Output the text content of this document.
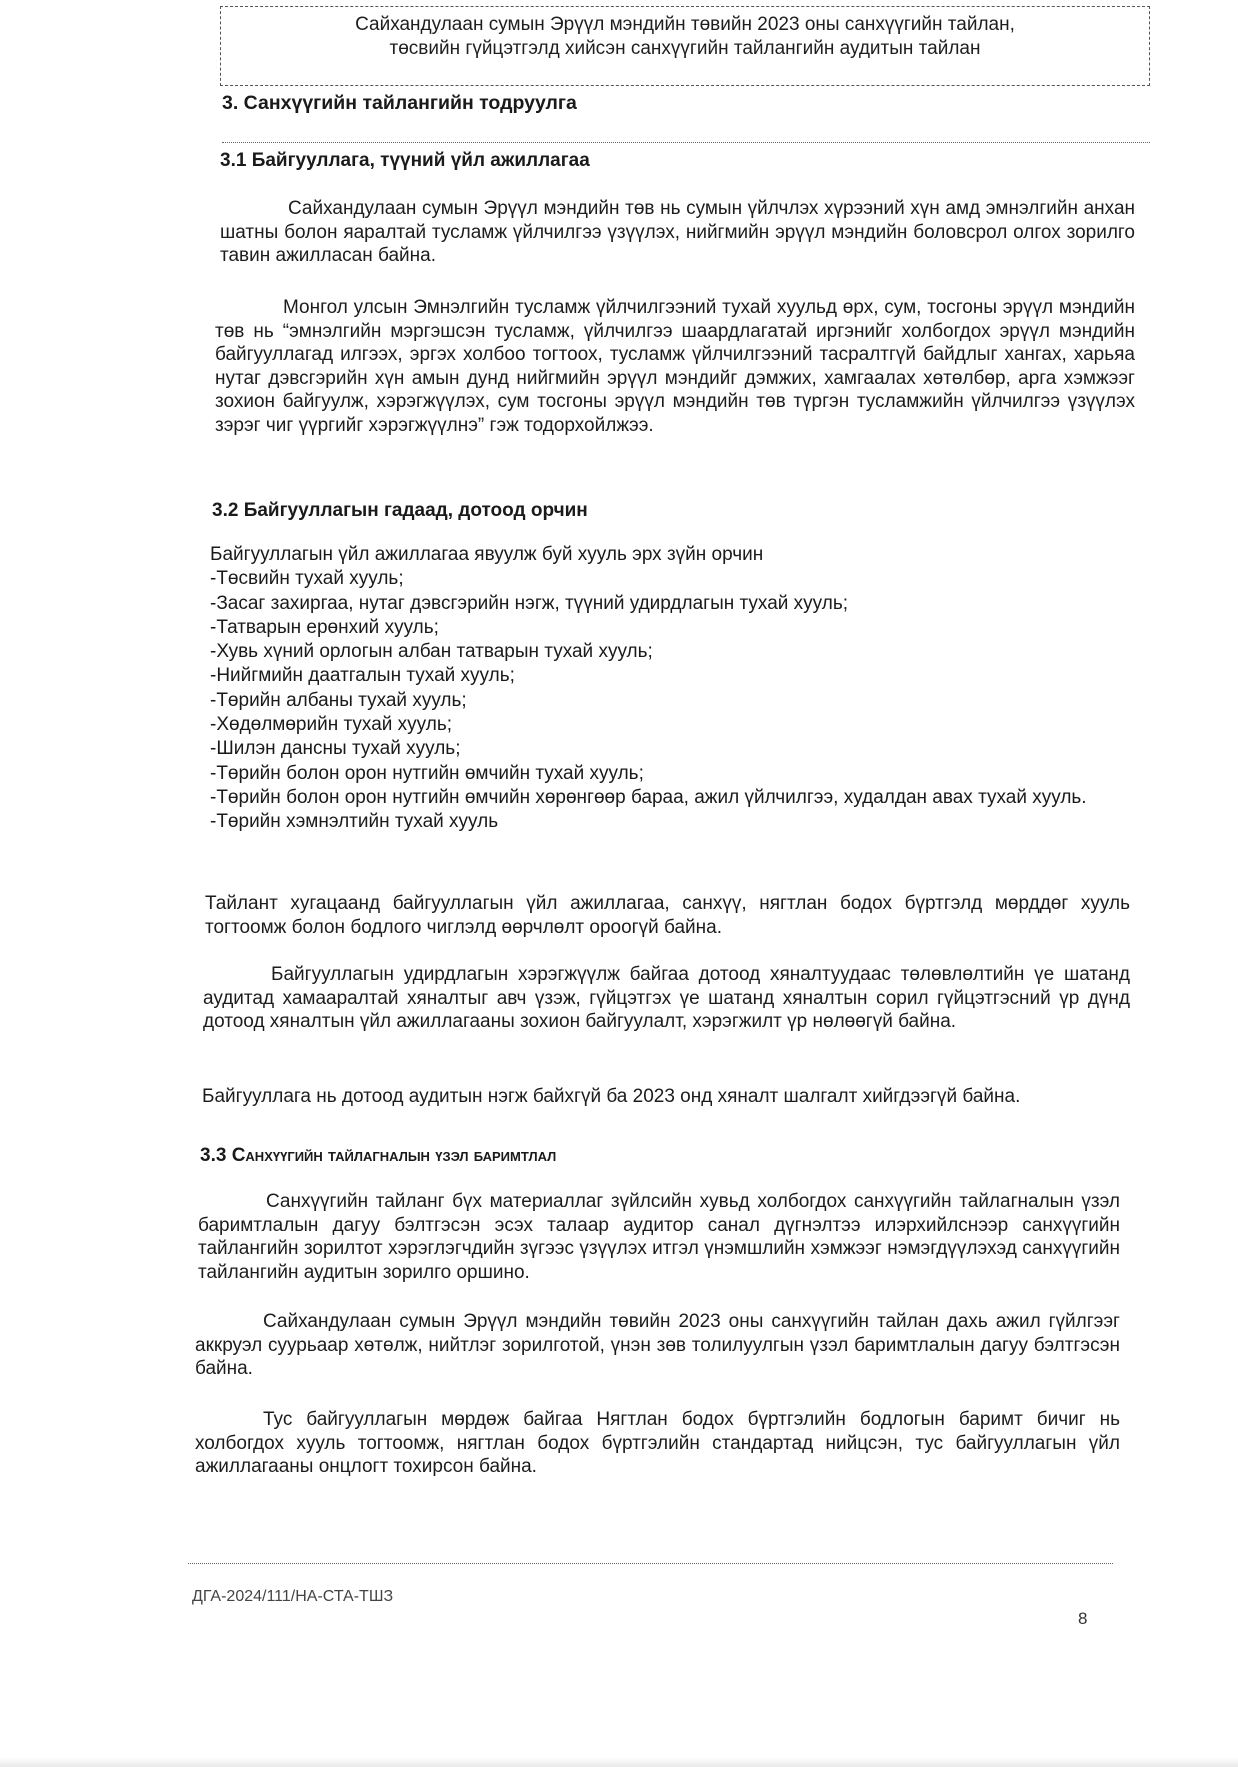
Сайхандулаан сумын Эрүүл мэндийн төвийн 2023 оны санхүүгийн тайлан,
төсвийн гүйцэтгэлд хийсэн санхүүгийн тайлангийн аудитын тайлан
3. Санхүүгийн тайлангийн тодруулга
3.1 Байгууллага, түүний үйл ажиллагаа

Сайхандулаан сумын Эрүүл мэндийн төв нь сумын үйлчлэх хүрээний хүн амд эмнэлгийн анхан шатны болон яаралтай тусламж үйлчилгээ үзүүлэх, нийгмийн эрүүл мэндийн боловсрол олгох зорилго тавин ажилласан байна.

Монгол улсын Эмнэлгийн тусламж үйлчилгээний тухай хуульд өрх, сум, тосгоны эрүүл мэндийн төв нь “эмнэлгийн мэргэшсэн тусламж, үйлчилгээ шаардлагатай иргэнийг холбогдох эрүүл мэндийн байгууллагад илгээх, эргэх холбоо тогтоох, тусламж үйлчилгээний тасралтгүй байдлыг хангах, харьяа нутаг дэвсгэрийн хүн амын дунд нийгмийн эрүүл мэндийг дэмжих, хамгаалах хөтөлбөр, арга хэмжээг зохион байгуулж, хэрэгжүүлэх, сум тосгоны эрүүл мэндийн төв түргэн тусламжийн үйлчилгээ үзүүлэх зэрэг чиг үүргийг хэрэгжүүлнэ” гэж тодорхойлжээ.

3.2 Байгууллагын гадаад, дотоод орчин
Байгууллагын үйл ажиллагаа явуулж буй хууль эрх зүйн орчин
-Төсвийн тухай хууль;
-Засаг захиргаа, нутаг дэвсгэрийн нэгж, түүний удирдлагын тухай хууль;
-Татварын ерөнхий хууль;
-Хувь хүний орлогын албан татварын тухай хууль;
-Нийгмийн даатгалын тухай хууль;
-Төрийн албаны тухай хууль;
-Хөдөлмөрийн тухай хууль;
-Шилэн дансны тухай хууль;
-Төрийн болон орон нутгийн өмчийн тухай хууль;
-Төрийн болон орон нутгийн өмчийн хөрөнгөөр бараа, ажил үйлчилгээ, худалдан авах тухай хууль.
-Төрийн хэмнэлтийн тухай хууль

Тайлант хугацаанд байгууллагын үйл ажиллагаа, санхүү, нягтлан бодох бүртгэлд мөрддөг хууль тогтоомж болон бодлого чиглэлд өөрчлөлт ороогүй байна.

Байгууллагын удирдлагын хэрэгжүүлж байгаа дотоод хяналтуудаас төлөвлөлтийн үе шатанд аудитад хамааралтай хяналтыг авч үзэж, гүйцэтгэх үе шатанд хяналтын сорил гүйцэтгэсний үр дүнд дотоод хяналтын үйл ажиллагааны зохион байгуулалт, хэрэгжилт үр нөлөөгүй байна.

Байгууллага нь дотоод аудитын нэгж байхгүй ба 2023 онд хяналт шалгалт хийгдээгүй байна.

3.3 Санхүүгийн тайлагналын үзэл баримтлал

Санхүүгийн тайланг бүх материаллаг зүйлсийн хувьд холбогдох санхүүгийн тайлагналын үзэл баримтлалын дагуу бэлтгэсэн эсэх талаар аудитор санал дүгнэлтээ илэрхийлснээр санхүүгийн тайлангийн зорилтот хэрэглэгчдийн зүгээс үзүүлэх итгэл үнэмшлийн хэмжээг нэмэгдүүлэхэд санхүүгийн тайлангийн аудитын зорилго оршино.

Сайхандулаан сумын Эрүүл мэндийн төвийн 2023 оны санхүүгийн тайлан дахь ажил гүйлгээг аккруэл суурьаар хөтөлж, нийтлэг зорилготой, үнэн зөв толилуулгын үзэл баримтлалын дагуу бэлтгэсэн байна.

Тус байгууллагын мөрдөж байгаа Нягтлан бодох бүртгэлийн бодлогын баримт бичиг нь холбогдох хууль тогтоомж, нягтлан бодох бүртгэлийн стандартад нийцсэн, тус байгууллагын үйл ажиллагааны онцлогт тохирсон байна.

ДГА-2024/111/НА-СТА-ТШЗ
8
